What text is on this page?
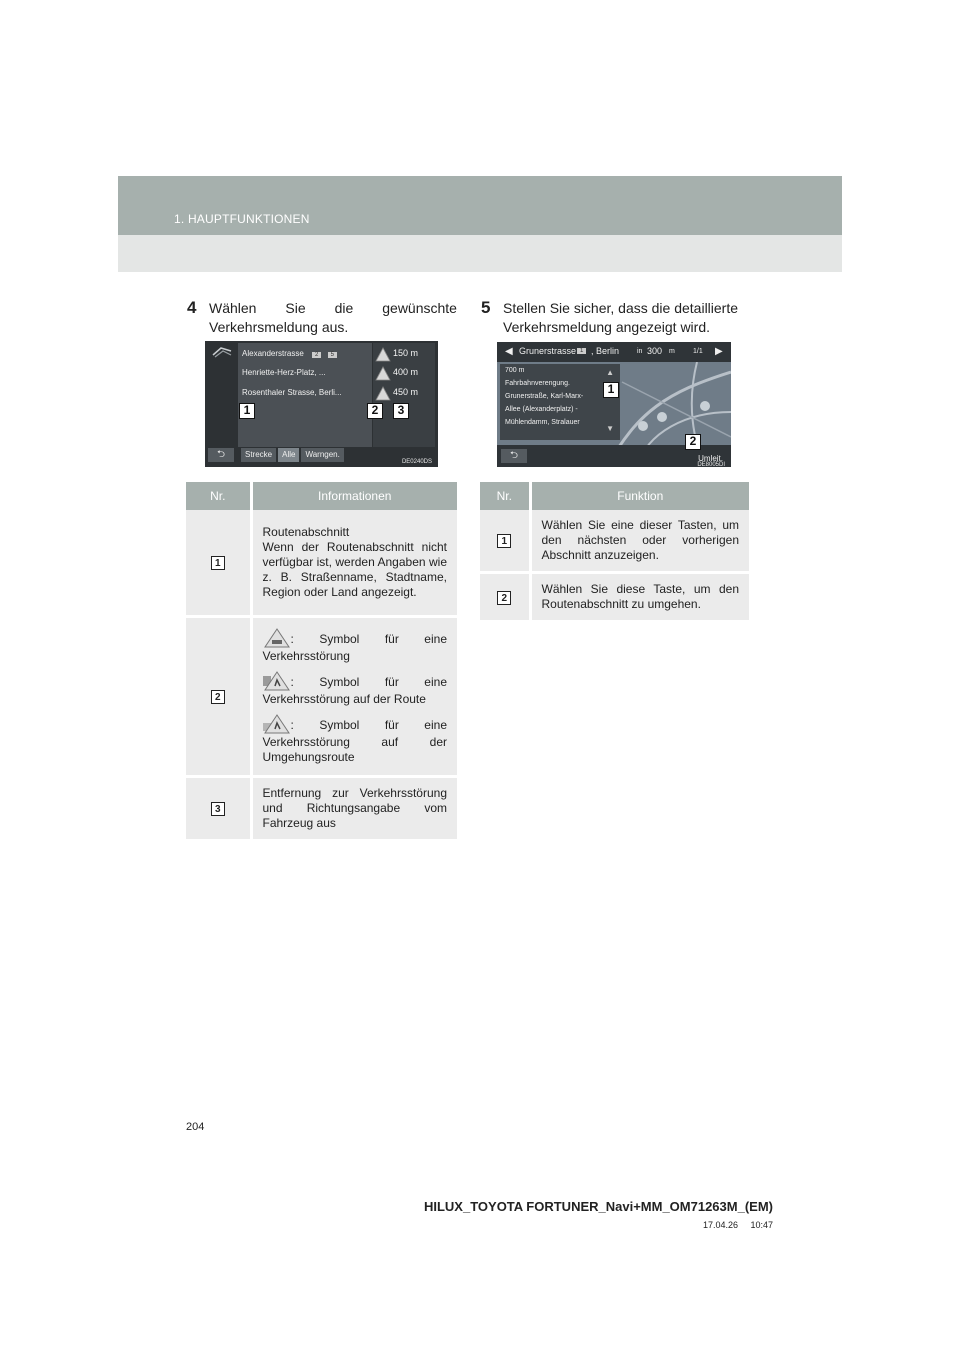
1. HAUPTFUNKTIONEN
4 Wählen Sie die gewünschte
Verkehrsmeldung aus.
5 Stellen Sie sicher, dass die detaillierte
Verkehrsmeldung angezeigt wird.
Alexanderstrasse 2 5
Henriette-Herz-Platz, ...
Rosenthaler Strasse, Berli...
150 m
400 m
450 m
⮌	Strecke	Alle	Warngen.
1	2	3
DE0240DS
◀ Grunerstrasse 1 , Berlin	in 300 m	1/1 ▶
700 m
Fahrbahnverengung.
Grunerstraße, Karl-Marx-
Allee (Alexanderplatz) -
Mühlendamm, Stralauer
▲
▼
⮌	Umleit.
1
2
DE8005DI
Nr.	Informationen
1	Routenabschnitt
Wenn der Routenabschnitt nicht verfügbar ist, werden Angaben wie z. B. Straßenname, Stadtname, Region oder Land angezeigt.

2	: Symbol für eine Verkehrsstörung
: Symbol für eine Verkehrsstörung auf der Route
: Symbol für eine Verkehrsstörung auf der Umgehungsroute

3	Entfernung zur Verkehrsstörung und Richtungsangabe vom Fahrzeug aus
Nr.	Funktion
1	Wählen Sie eine dieser Tasten, um den nächsten oder vorherigen Abschnitt anzuzeigen.
2	Wählen Sie diese Taste, um den Routenabschnitt zu umgehen.
204
HILUX_TOYOTA FORTUNER_Navi+MM_OM71263M_(EM)
17.04.26     10:47
